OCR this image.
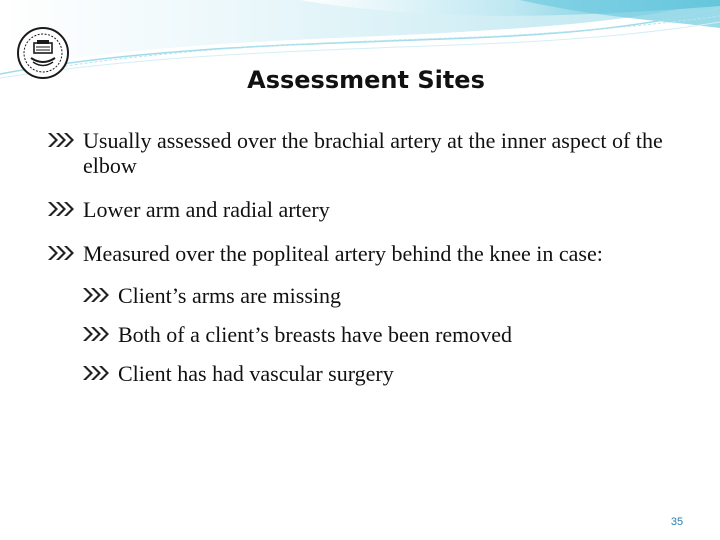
Assessment Sites
Usually assessed over the brachial artery at the inner aspect of the elbow
Lower arm and radial artery
Measured over the popliteal artery behind the knee in case:
Client’s arms are missing
Both of a client’s breasts have been removed
Client has had vascular surgery
35
